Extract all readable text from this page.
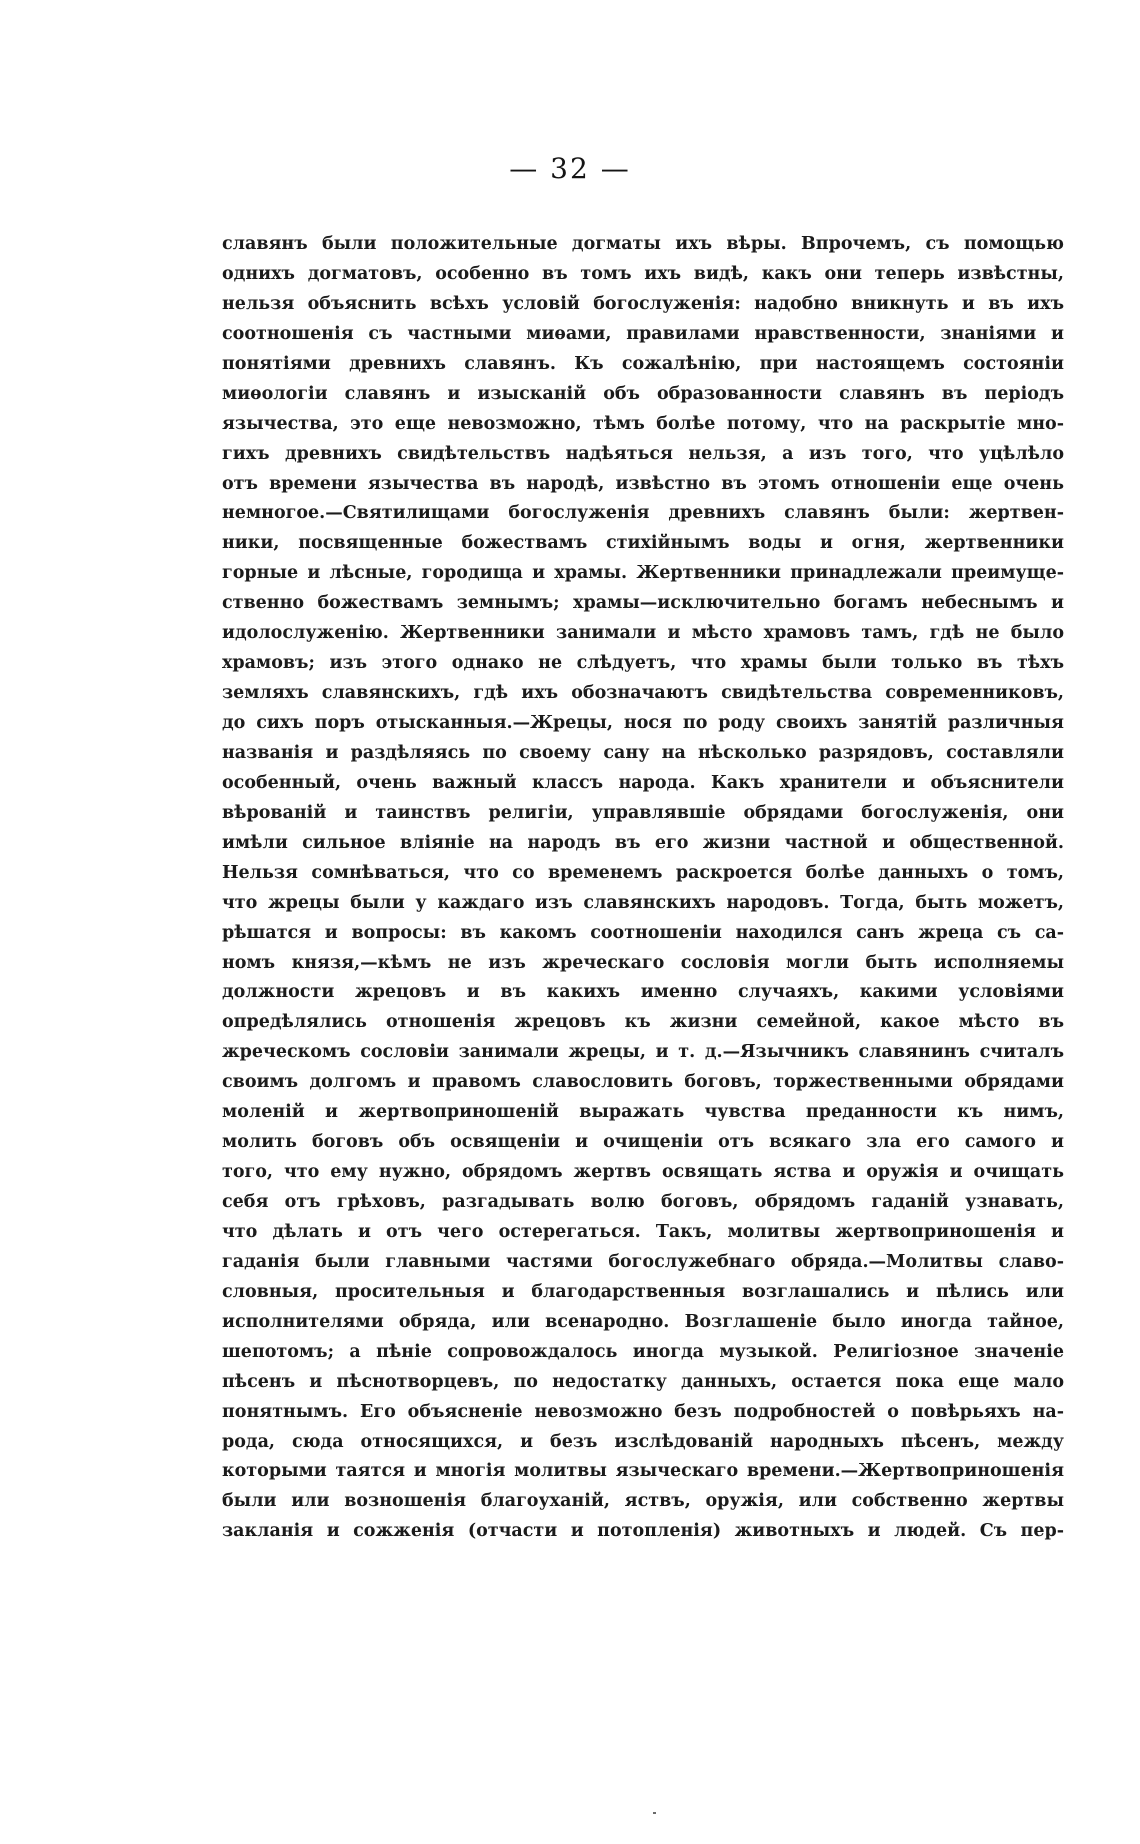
— 32 —
славянъ были положительные догматы ихъ вѣры. Впрочемъ, съ помощью
однихъ догматовъ, особенно въ томъ ихъ видѣ, какъ они теперь извѣстны,
нельзя объяснить всѣхъ условій богослуженія: надобно вникнуть и въ ихъ
соотношенія съ частными миѳами, правилами нравственности, знаніями и
понятіями древнихъ славянъ. Къ сожалѣнію, при настоящемъ состояніи
миѳологіи славянъ и изысканій объ образованности славянъ въ періодъ
язычества, это еще невозможно, тѣмъ болѣе потому, что на раскрытіе мно-
гихъ древнихъ свидѣтельствъ надѣяться нельзя, а изъ того, что уцѣлѣло
отъ времени язычества въ народѣ, извѣстно въ этомъ отношеніи еще очень
немногое.—Святилищами богослуженія древнихъ славянъ были: жертвен-
ники, посвященные божествамъ стихійнымъ воды и огня, жертвенники
горные и лѣсные, городища и храмы. Жертвенники принадлежали преимуще-
ственно божествамъ земнымъ; храмы—исключительно богамъ небеснымъ и
идолослуженію. Жертвенники занимали и мѣсто храмовъ тамъ, гдѣ не было
храмовъ; изъ этого однако не слѣдуетъ, что храмы были только въ тѣхъ
земляхъ славянскихъ, гдѣ ихъ обозначаютъ свидѣтельства современниковъ,
до сихъ поръ отысканныя.—Жрецы, нося по роду своихъ занятій различныя
названія и раздѣляясь по своему сану на нѣсколько разрядовъ, составляли
особенный, очень важный классъ народа. Какъ хранители и объяснители
вѣрованій и таинствъ религіи, управлявшіе обрядами богослуженія, они
имѣли сильное вліяніе на народъ въ его жизни частной и общественной.
Нельзя сомнѣваться, что со временемъ раскроется болѣе данныхъ о томъ,
что жрецы были у каждаго изъ славянскихъ народовъ. Тогда, быть можетъ,
рѣшатся и вопросы: въ какомъ соотношеніи находился санъ жреца съ са-
номъ князя,—кѣмъ не изъ жреческаго сословія могли быть исполняемы
должности жрецовъ и въ какихъ именно случаяхъ, какими условіями
опредѣлялись отношенія жрецовъ къ жизни семейной, какое мѣсто въ
жреческомъ сословіи занимали жрецы, и т. д.—Язычникъ славянинъ считалъ
своимъ долгомъ и правомъ славословить боговъ, торжественными обрядами
моленій и жертвоприношеній выражать чувства преданности къ нимъ,
молить боговъ объ освященіи и очищеніи отъ всякаго зла его самого и
того, что ему нужно, обрядомъ жертвъ освящать яства и оружія и очищать
себя отъ грѣховъ, разгадывать волю боговъ, обрядомъ гаданій узнавать,
что дѣлать и отъ чего остерегаться. Такъ, молитвы жертвоприношенія и
гаданія были главными частями богослужебнаго обряда.—Молитвы славо-
словныя, просительныя и благодарственныя возглашались и пѣлись или
исполнителями обряда, или всенародно. Возглашеніе было иногда тайное,
шепотомъ; а пѣніе сопровождалось иногда музыкой. Религіозное значеніе
пѣсенъ и пѣснотворцевъ, по недостатку данныхъ, остается пока еще мало
понятнымъ. Его объясненіе невозможно безъ подробностей о повѣрьяхъ на-
рода, сюда относящихся, и безъ изслѣдованій народныхъ пѣсенъ, между
которыми таятся и многія молитвы языческаго времени.—Жертвоприношенія
были или возношенія благоуханій, яствъ, оружія, или собственно жертвы
закланія и сожженія (отчасти и потопленія) животныхъ и людей. Съ пер-
